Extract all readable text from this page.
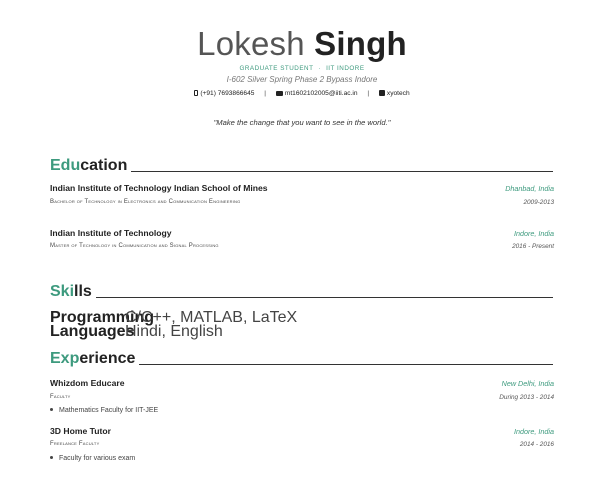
Lokesh Singh
GRADUATE STUDENT · IIT INDORE
I-602 Silver Spring Phase 2 Bypass Indore
(+91) 7693866645 |	mt1602102005@iiti.ac.in |	xyotech
"Make the change that you want to see in the world."
Edu cation
Indian Institute of Technology Indian School of Mines	Dhanbad, India
Bachelor of Technology in Electronics and Communication Engineering	2009-2013
Indian Institute of Technology	Indore, India
Master of Technology in Communication and Signal Processing	2016 - Present
Ski lls
Programming
C/C++, MATLAB, LaTeX
Languages
Hindi, English
Exp erience
Whizdom Educare	New Delhi, India
Faculty	During 2013 - 2014
Mathematics Faculty for IIT-JEE
3D Home Tutor	Indore, India
Freelance Faculty	2014 - 2016
Faculty for various exam
